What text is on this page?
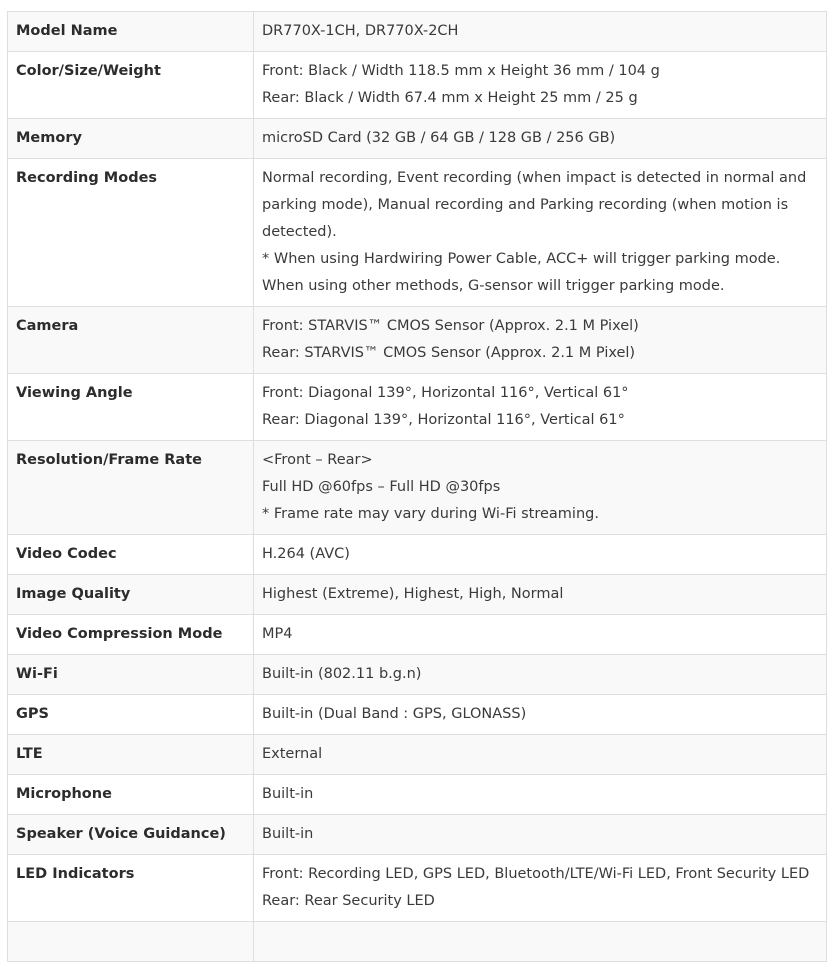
Model Name	DR770X-1CH, DR770X-2CH

Color/Size/Weight	Front: Black / Width 118.5 mm x Height 36 mm / 104 g
Rear: Black / Width 67.4 mm x Height 25 mm / 25 g

Memory	microSD Card (32 GB / 64 GB / 128 GB / 256 GB)

Recording Modes	Normal recording, Event recording (when impact is detected in normal and parking mode), Manual recording and Parking recording (when motion is detected).
* When using Hardwiring Power Cable, ACC+ will trigger parking mode. When using other methods, G-sensor will trigger parking mode.

Camera	Front: STARVIS™ CMOS Sensor (Approx. 2.1 M Pixel)
Rear: STARVIS™ CMOS Sensor (Approx. 2.1 M Pixel)

Viewing Angle	Front: Diagonal 139°, Horizontal 116°, Vertical 61°
Rear: Diagonal 139°, Horizontal 116°, Vertical 61°

Resolution/Frame Rate	<Front – Rear>
Full HD @60fps – Full HD @30fps
* Frame rate may vary during Wi-Fi streaming.

Video Codec	H.264 (AVC)

Image Quality	Highest (Extreme), Highest, High, Normal

Video Compression Mode	MP4

Wi-Fi	Built-in (802.11 b.g.n)

GPS	Built-in (Dual Band : GPS, GLONASS)

LTE	External

Microphone	Built-in

Speaker (Voice Guidance)	Built-in

LED Indicators	Front: Recording LED, GPS LED, Bluetooth/LTE/Wi-Fi LED, Front Security LED
Rear: Rear Security LED
